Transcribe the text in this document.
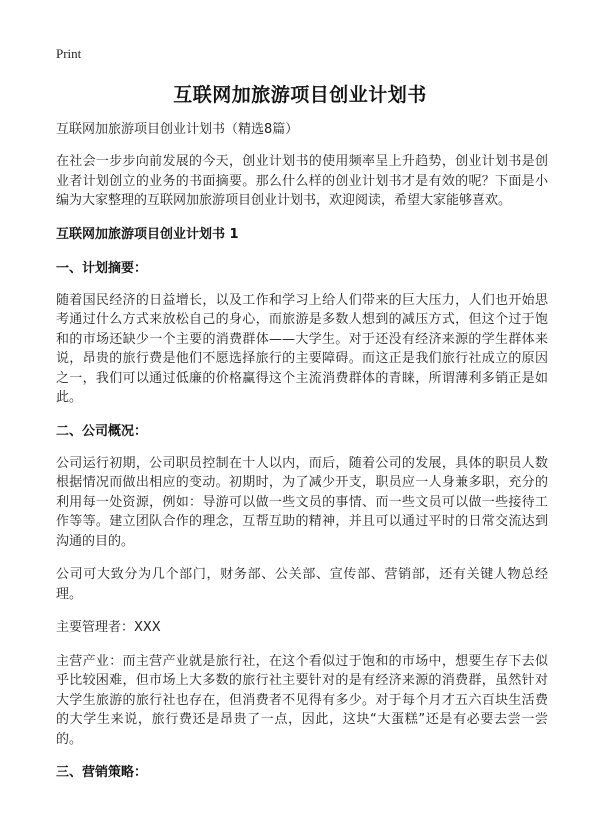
Print
互联网加旅游项目创业计划书
互联网加旅游项目创业计划书（精选8篇）

在社会一步步向前发展的今天，创业计划书的使用频率呈上升趋势，创业计划书是创业者计划创立的业务的书面摘要。那么什么样的创业计划书才是有效的呢？下面是小编为大家整理的互联网加旅游项目创业计划书，欢迎阅读，希望大家能够喜欢。

互联网加旅游项目创业计划书 1
一、计划摘要：

随着国民经济的日益增长，以及工作和学习上给人们带来的巨大压力，人们也开始思考通过什么方式来放松自己的身心，而旅游是多数人想到的减压方式，但这个过于饱和的市场还缺少一个主要的消费群体——大学生。对于还没有经济来源的学生群体来说，昂贵的旅行费是他们不愿选择旅行的主要障碍。而这正是我们旅行社成立的原因之一，我们可以通过低廉的价格赢得这个主流消费群体的青睐，所谓薄利多销正是如此。

二、公司概况：

公司运行初期，公司职员控制在十人以内，而后，随着公司的发展，具体的职员人数根据情况而做出相应的变动。初期时，为了减少开支，职员应一人身兼多职，充分的利用每一处资源，例如：导游可以做一些文员的事情、而一些文员可以做一些接待工作等等。建立团队合作的理念，互帮互助的精神，并且可以通过平时的日常交流达到沟通的目的。

公司可大致分为几个部门，财务部、公关部、宣传部、营销部，还有关键人物总经理。

主要管理者：XXX

主营产业：而主营产业就是旅行社，在这个看似过于饱和的市场中，想要生存下去似乎比较困难，但市场上大多数的旅行社主要针对的是有经济来源的消费群，虽然针对大学生旅游的旅行社也存在，但消费者不见得有多少。对于每个月才五六百块生活费的大学生来说，旅行费还是昂贵了一点，因此，这块“大蛋糕”还是有必要去尝一尝的。

三、营销策略：
